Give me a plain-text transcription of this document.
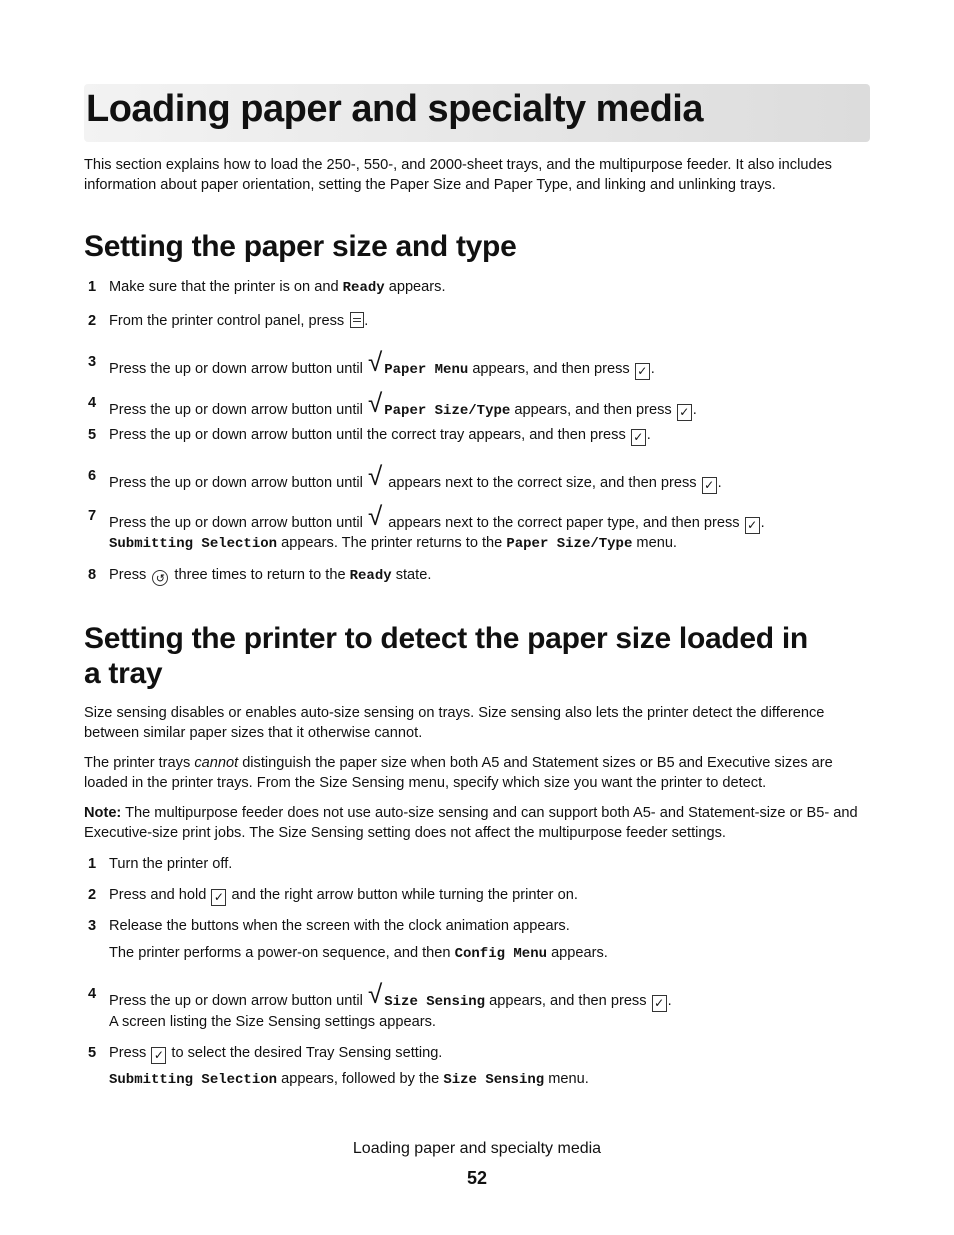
Loading paper and specialty media

This section explains how to load the 250-, 550-, and 2000-sheet trays, and the multipurpose feeder. It also includes information about paper orientation, setting the Paper Size and Paper Type, and linking and unlinking trays.

Setting the paper size and type
1 Make sure that the printer is on and Ready appears.
2 From the printer control panel, press .
3 Press the up or down arrow button until √ Paper Menu appears, and then press ✓ .
4 Press the up or down arrow button until √ Paper Size/Type appears, and then press ✓ .
5 Press the up or down arrow button until the correct tray appears, and then press ✓ .
6 Press the up or down arrow button until √ appears next to the correct size, and then press ✓ .
7 Press the up or down arrow button until √ appears next to the correct paper type, and then press ✓ .
Submitting Selection appears. The printer returns to the Paper Size/Type menu.
8 Press ↺ three times to return to the Ready state.
Setting the printer to detect the paper size loaded in
a tray

Size sensing disables or enables auto-size sensing on trays. Size sensing also lets the printer detect the difference between similar paper sizes that it otherwise cannot.

The printer trays cannot distinguish the paper size when both A5 and Statement sizes or B5 and Executive sizes are loaded in the printer trays. From the Size Sensing menu, specify which size you want the printer to detect.

Note: The multipurpose feeder does not use auto-size sensing and can support both A5- and Statement-size or B5- and Executive-size print jobs. The Size Sensing setting does not affect the multipurpose feeder settings.

1 Turn the printer off.
2 Press and hold ✓ and the right arrow button while turning the printer on.
3 Release the buttons when the screen with the clock animation appears.
The printer performs a power-on sequence, and then Config Menu appears.
4 Press the up or down arrow button until √ Size Sensing appears, and then press ✓ .
A screen listing the Size Sensing settings appears.
5 Press ✓ to select the desired Tray Sensing setting.
Submitting Selection appears, followed by the Size Sensing menu.
Loading paper and specialty media
52
